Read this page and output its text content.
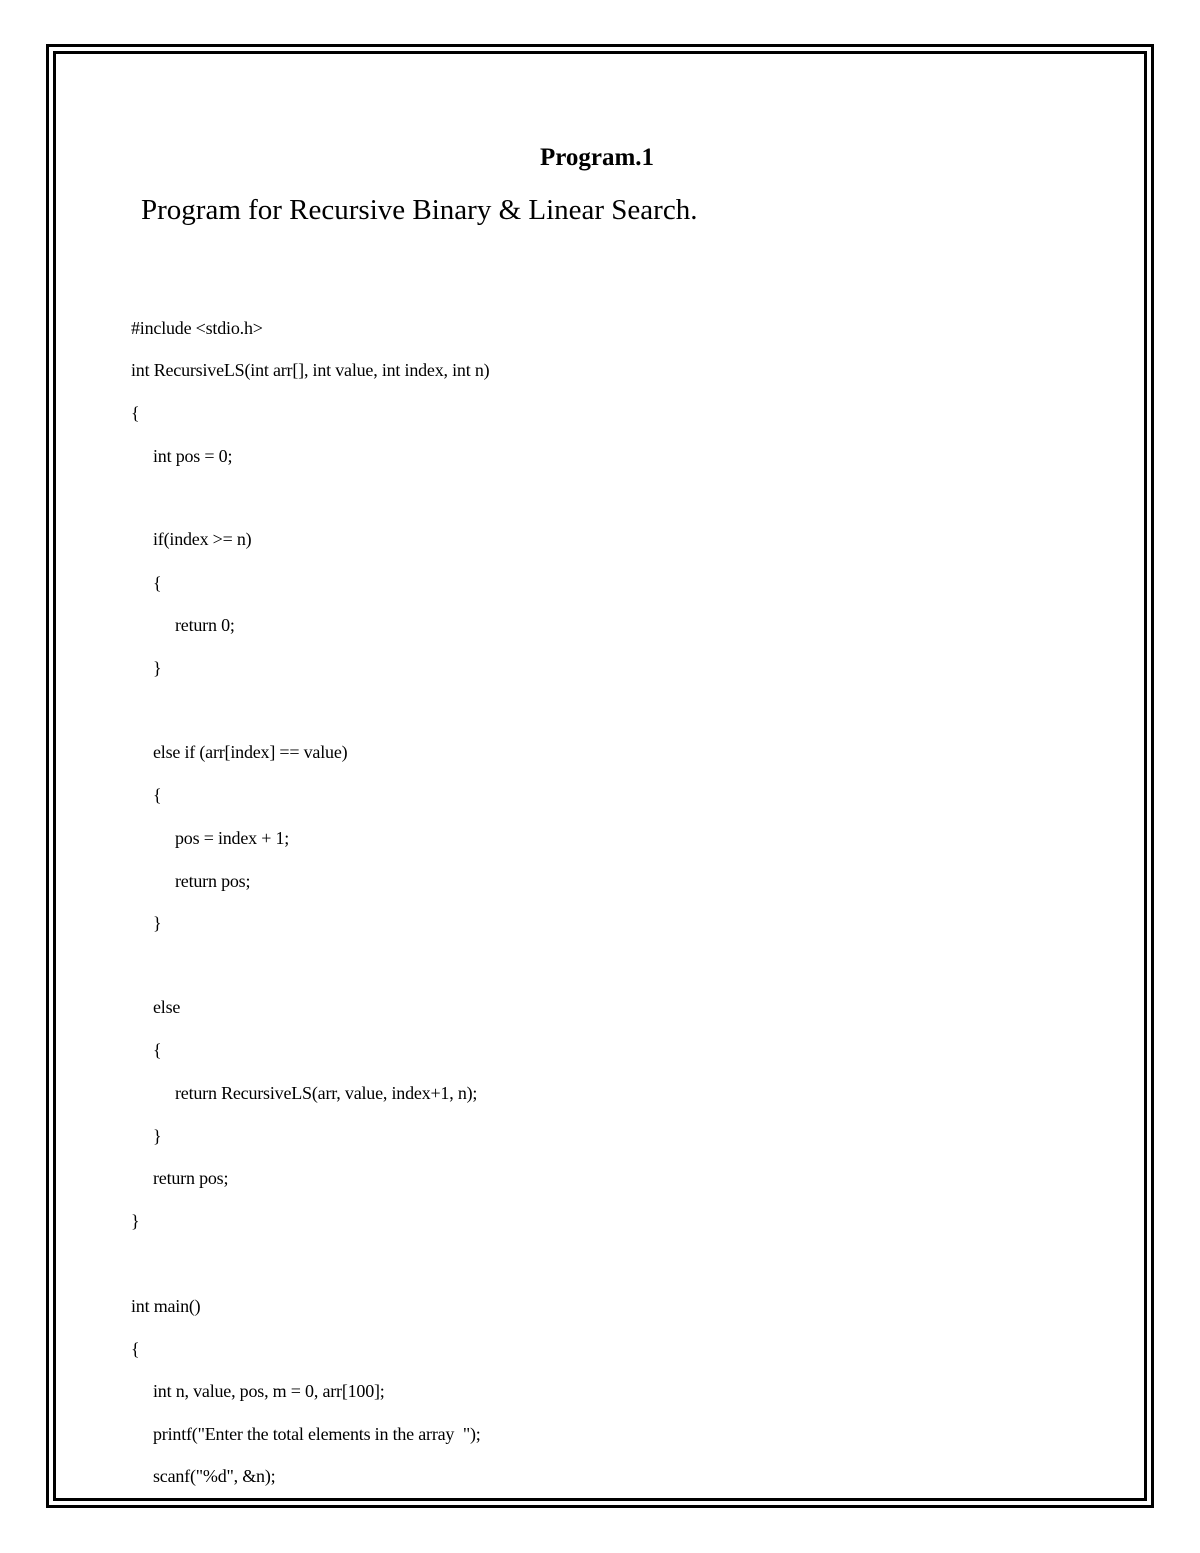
Program.1
Program for Recursive Binary & Linear Search.
#include <stdio.h>
int RecursiveLS(int arr[], int value, int index, int n)
{
int pos = 0;
if(index >= n)
{
return 0;
}
else if (arr[index] == value)
{
pos = index + 1;
return pos;
}
else
{
return RecursiveLS(arr, value, index+1, n);
}
return pos;
}
int main()
{
int n, value, pos, m = 0, arr[100];
printf("Enter the total elements in the array  ");
scanf("%d", &n);
